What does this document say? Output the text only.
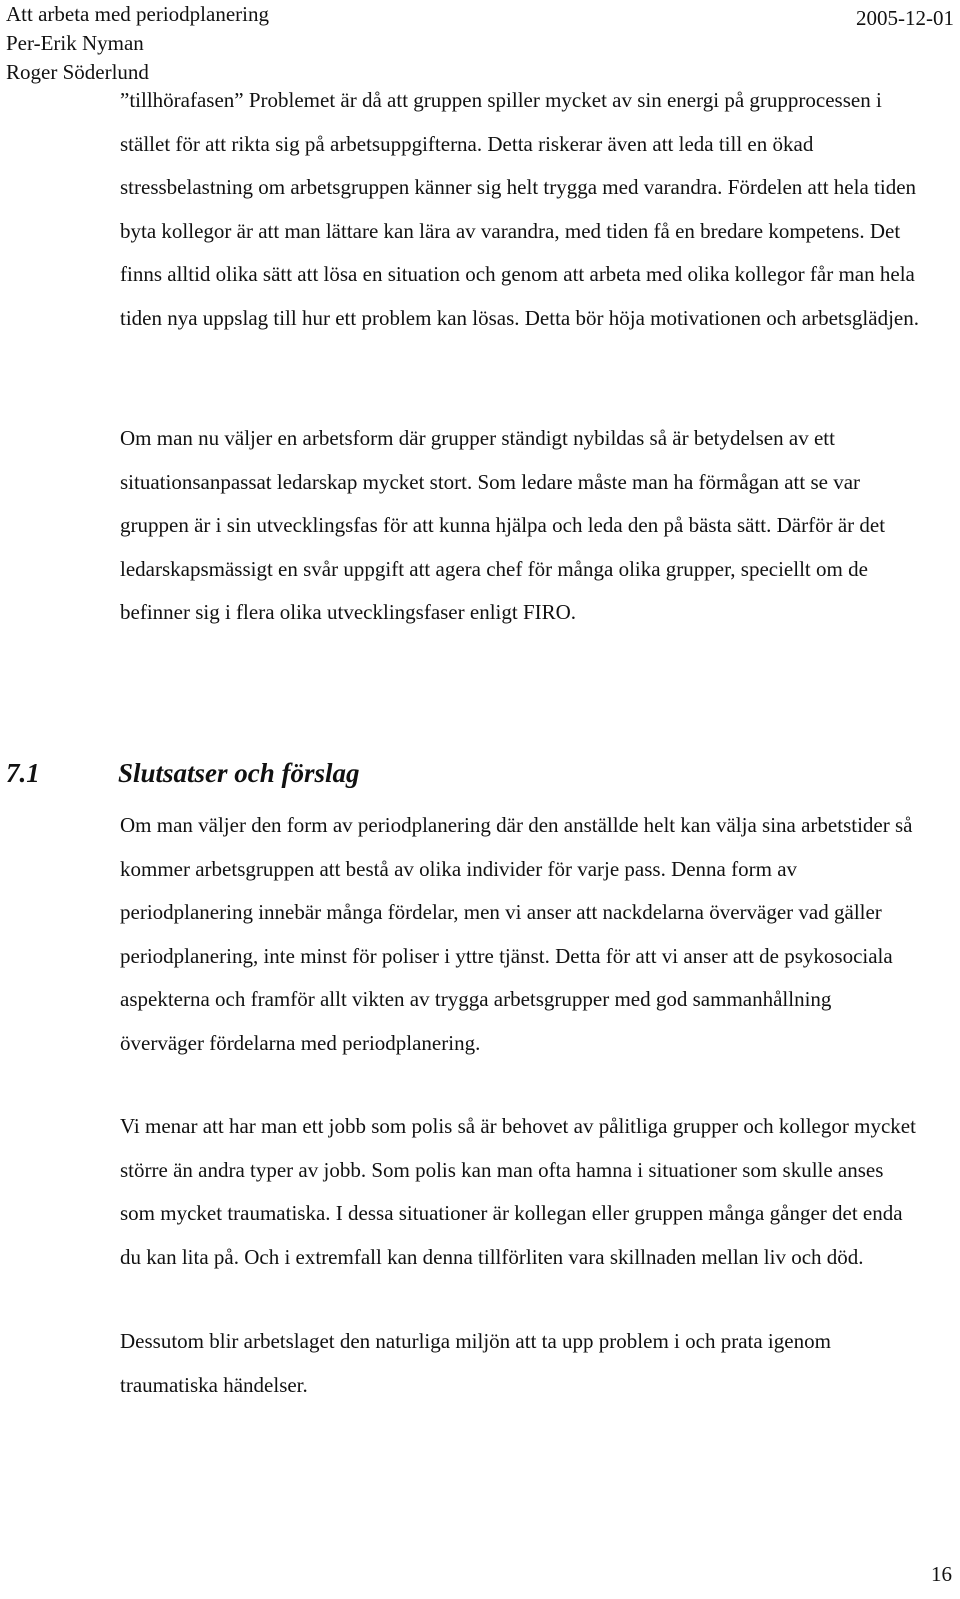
Att arbeta med periodplanering
Per-Erik Nyman
Roger Söderlund
2005-12-01

”tillhörafasen” Problemet är då att gruppen spiller mycket av sin energi på grupprocessen i stället för att rikta sig på arbetsuppgifterna. Detta riskerar även att leda till en ökad stressbelastning om arbetsgruppen känner sig helt trygga med varandra. Fördelen att hela tiden byta kollegor är att man lättare kan lära av varandra, med tiden få en bredare kompetens. Det finns alltid olika sätt att lösa en situation och genom att arbeta med olika kollegor får man hela tiden nya uppslag till hur ett problem kan lösas. Detta bör höja motivationen och arbetsglädjen.

Om man nu väljer en arbetsform där grupper ständigt nybildas så är betydelsen av ett situationsanpassat ledarskap mycket stort. Som ledare måste man ha förmågan att se var gruppen är i sin utvecklingsfas för att kunna hjälpa och leda den på bästa sätt. Därför är det ledarskapsmässigt en svår uppgift att agera chef för många olika grupper, speciellt om de befinner sig i flera olika utvecklingsfaser enligt FIRO.

7.1	Slutsatser och förslag

Om man väljer den form av periodplanering där den anställde helt kan välja sina arbetstider så kommer arbetsgruppen att bestå av olika individer för varje pass. Denna form av periodplanering innebär många fördelar, men vi anser att nackdelarna överväger vad gäller periodplanering, inte minst för poliser i yttre tjänst. Detta för att vi anser att de psykosociala aspekterna och framför allt vikten av trygga arbetsgrupper med god sammanhållning överväger fördelarna med periodplanering.

Vi menar att har man ett jobb som polis så är behovet av pålitliga grupper och kollegor mycket större än andra typer av jobb. Som polis kan man ofta hamna i situationer som skulle anses som mycket traumatiska. I dessa situationer är kollegan eller gruppen många gånger det enda du kan lita på. Och i extremfall kan denna tillförliten vara skillnaden mellan liv och död.

Dessutom blir arbetslaget den naturliga miljön att ta upp problem i och prata igenom traumatiska händelser.

16
